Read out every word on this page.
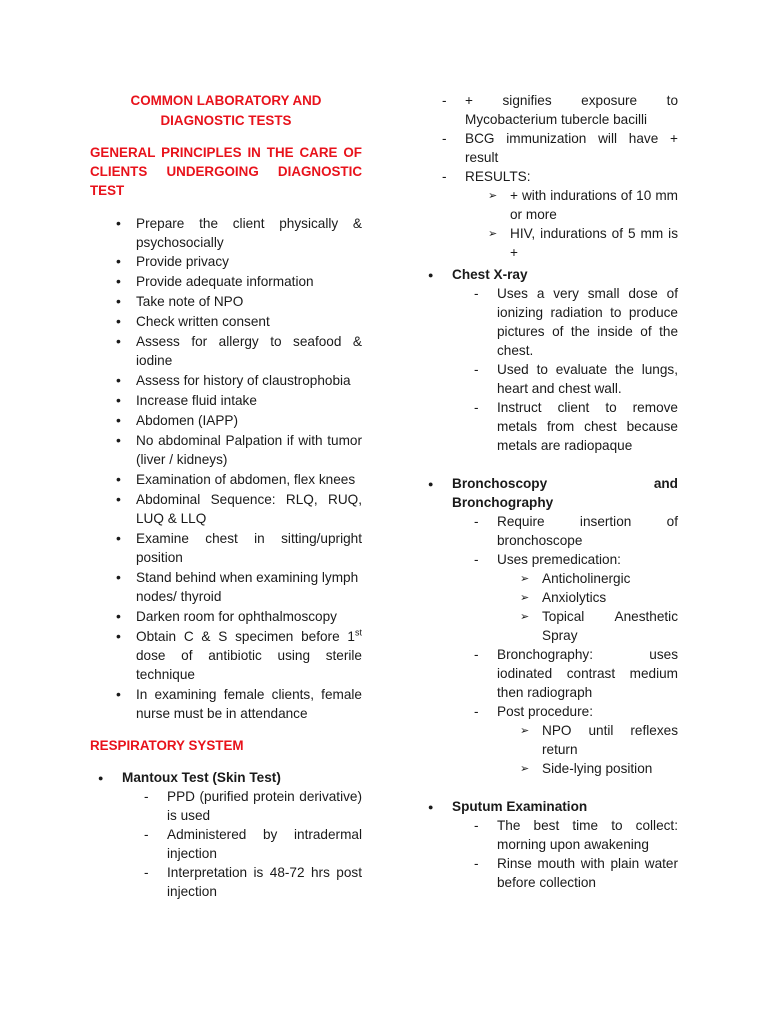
COMMON LABORATORY AND DIAGNOSTIC TESTS

GENERAL PRINCIPLES IN THE CARE OF CLIENTS UNDERGOING DIAGNOSTIC TEST

• Prepare the client physically & psychosocially
• Provide privacy
• Provide adequate information
• Take note of NPO
• Check written consent
• Assess for allergy to seafood & iodine
• Assess for history of claustrophobia
• Increase fluid intake
• Abdomen (IAPP)
• No abdominal Palpation if with tumor (liver / kidneys)
• Examination of abdomen, flex knees
• Abdominal Sequence: RLQ, RUQ, LUQ & LLQ
• Examine chest in sitting/upright position
• Stand behind when examining lymph nodes/ thyroid
• Darken room for ophthalmoscopy
• Obtain C & S specimen before 1st dose of antibiotic using sterile technique
• In examining female clients, female nurse must be in attendance

RESPIRATORY SYSTEM

● Mantoux Test (Skin Test)
- PPD (purified protein derivative) is used
- Administered by intradermal injection
- Interpretation is 48-72 hrs post injection
- + signifies exposure to Mycobacterium tubercle bacilli
- BCG immunization will have + result
- RESULTS:
➢ + with indurations of 10 mm or more
➢ HIV, indurations of 5 mm is +
● Chest X-ray
- Uses a very small dose of ionizing radiation to produce pictures of the inside of the chest.
- Used to evaluate the lungs, heart and chest wall.
- Instruct client to remove metals from chest because metals are radiopaque
● Bronchoscopy and Bronchography
- Require insertion of bronchoscope
- Uses premedication:
➢ Anticholinergic
➢ Anxiolytics
➢ Topical Anesthetic Spray
- Bronchography: uses iodinated contrast medium then radiograph
- Post procedure:
➢ NPO until reflexes return
➢ Side-lying position
● Sputum Examination
- The best time to collect: morning upon awakening
- Rinse mouth with plain water before collection
